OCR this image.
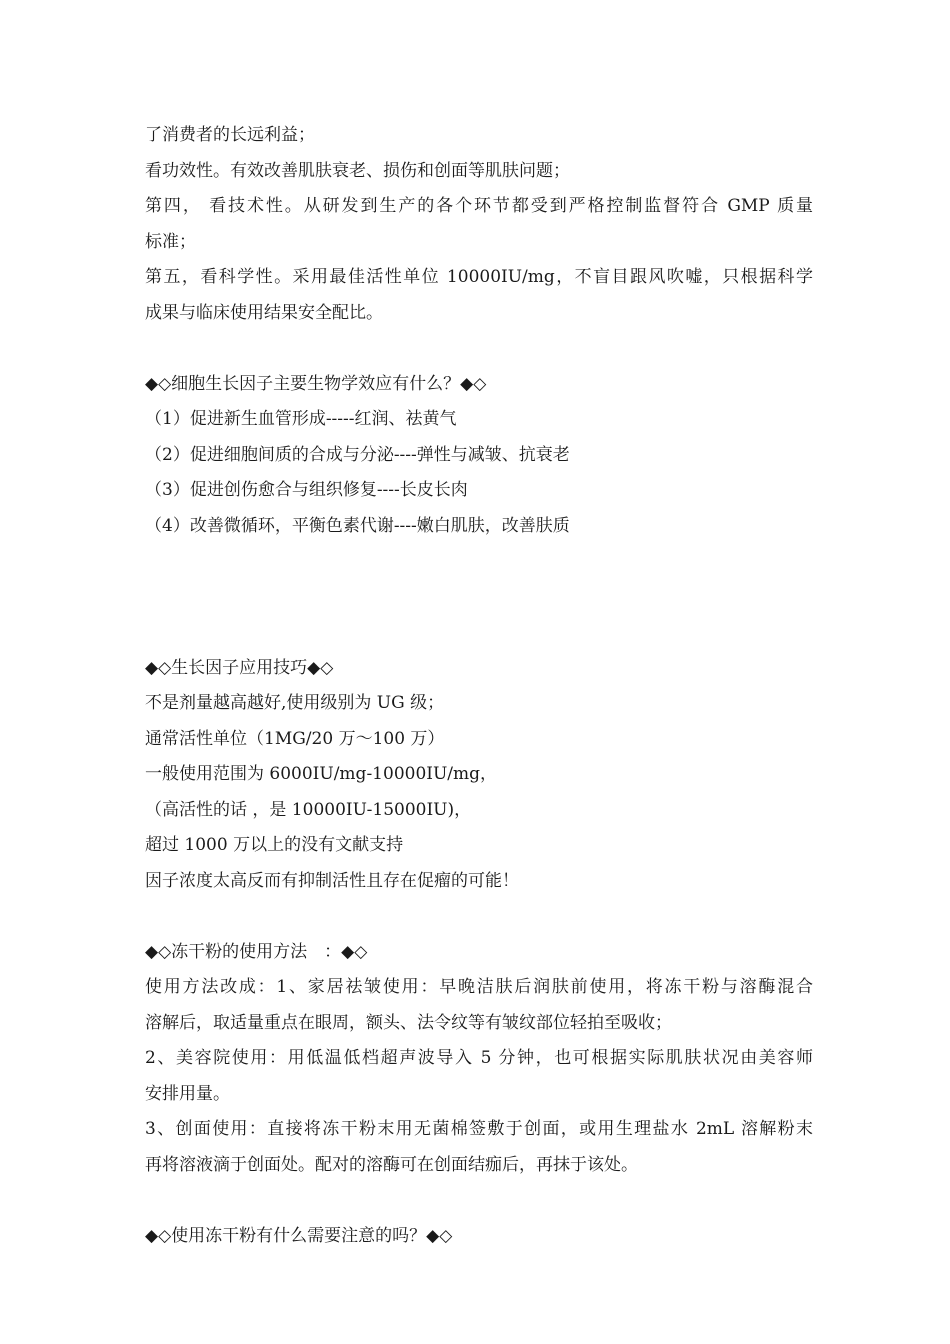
了消费者的长远利益；
看功效性。有效改善肌肤衰老、损伤和创面等肌肤问题；
第四， 看技术性。从研发到生产的各个环节都受到严格控制监督符合 GMP 质量
标准；
第五，看科学性。采用最佳活性单位 10000IU/mg，不盲目跟风吹嘘，只根据科学
成果与临床使用结果安全配比。
◆◇细胞生长因子主要生物学效应有什么？◆◇
（1）促进新生血管形成-----红润、祛黄气
（2）促进细胞间质的合成与分泌----弹性与减皱、抗衰老
（3）促进创伤愈合与组织修复----长皮长肉
（4）改善微循环，平衡色素代谢----嫩白肌肤，改善肤质
◆◇生长因子应用技巧◆◇
不是剂量越高越好,使用级别为 UG 级；
通常活性单位（1MG/20 万～100 万）
一般使用范围为 6000IU/mg-10000IU/mg，
（高活性的话 ，是 10000IU-15000IU)，
超过 1000 万以上的没有文献支持
因子浓度太高反而有抑制活性且存在促瘤的可能！
◆◇冻干粉的使用方法　：◆◇
使用方法改成：1、家居祛皱使用：早晚洁肤后润肤前使用，将冻干粉与溶酶混合
溶解后，取适量重点在眼周，额头、法令纹等有皱纹部位轻拍至吸收；
2、美容院使用：用低温低档超声波导入 5 分钟，也可根据实际肌肤状况由美容师
安排用量。
3、创面使用：直接将冻干粉末用无菌棉签敷于创面，或用生理盐水 2mL 溶解粉末
再将溶液滴于创面处。配对的溶酶可在创面结痂后，再抹于该处。
◆◇使用冻干粉有什么需要注意的吗？◆◇
